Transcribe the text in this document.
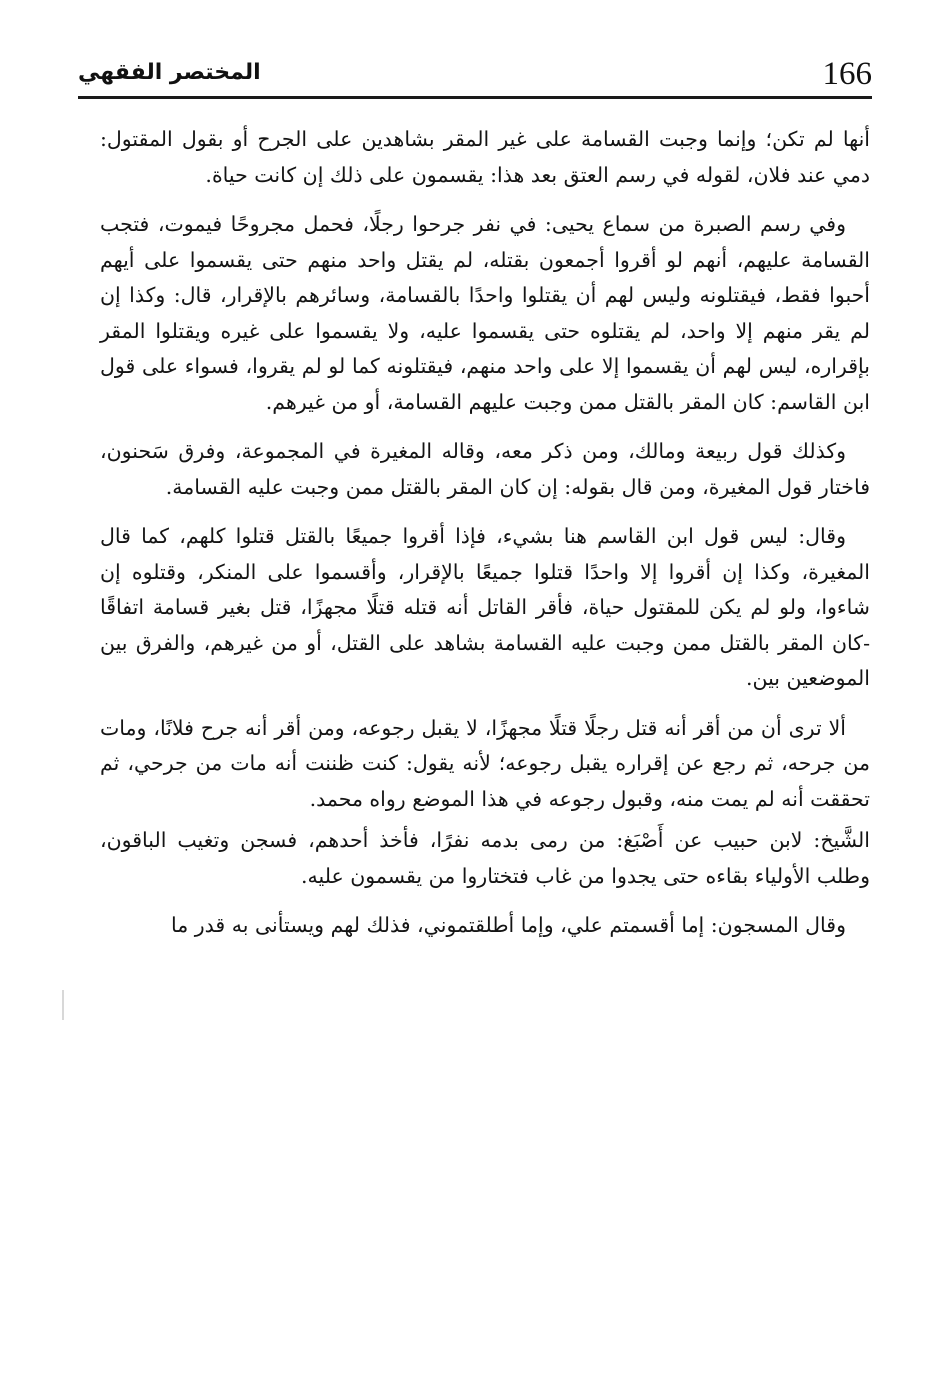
166
المختصر الفقهي

أنها لم تكن؛ وإنما وجبت القسامة على غير المقر بشاهدين على الجرح أو بقول المقتول: دمي عند فلان، لقوله في رسم العتق بعد هذا: يقسمون على ذلك إن كانت حياة.

وفي رسم الصبرة من سماع يحيى: في نفر جرحوا رجلًا، فحمل مجروحًا فيموت، فتجب القسامة عليهم، أنهم لو أقروا أجمعون بقتله، لم يقتل واحد منهم حتى يقسموا على أيهم أحبوا فقط، فيقتلونه وليس لهم أن يقتلوا واحدًا بالقسامة، وسائرهم بالإقرار، قال: وكذا إن لم يقر منهم إلا واحد، لم يقتلوه حتى يقسموا عليه، ولا يقسموا على غيره ويقتلوا المقر بإقراره، ليس لهم أن يقسموا إلا على واحد منهم، فيقتلونه كما لو لم يقروا، فسواء على قول ابن القاسم: كان المقر بالقتل ممن وجبت عليهم القسامة، أو من غيرهم.

وكذلك قول ربيعة ومالك، ومن ذكر معه، وقاله المغيرة في المجموعة، وفرق سَحنون، فاختار قول المغيرة، ومن قال بقوله: إن كان المقر بالقتل ممن وجبت عليه القسامة.

وقال: ليس قول ابن القاسم هنا بشيء، فإذا أقروا جميعًا بالقتل قتلوا كلهم، كما قال المغيرة، وكذا إن أقروا إلا واحدًا قتلوا جميعًا بالإقرار، وأقسموا على المنكر، وقتلوه إن شاءوا، ولو لم يكن للمقتول حياة، فأقر القاتل أنه قتله قتلًا مجهزًا، قتل بغير قسامة اتفاقًا -كان المقر بالقتل ممن وجبت عليه القسامة بشاهد على القتل، أو من غيرهم، والفرق بين الموضعين بين.

ألا ترى أن من أقر أنه قتل رجلًا قتلًا مجهزًا، لا يقبل رجوعه، ومن أقر أنه جرح فلانًا، ومات من جرحه، ثم رجع عن إقراره يقبل رجوعه؛ لأنه يقول: كنت ظننت أنه مات من جرحي، ثم تحققت أنه لم يمت منه، وقبول رجوعه في هذا الموضع رواه محمد.

الشَّيخ: لابن حبيب عن أَصْبَغ: من رمى بدمه نفرًا، فأخذ أحدهم، فسجن وتغيب الباقون، وطلب الأولياء بقاءه حتى يجدوا من غاب فتختاروا من يقسمون عليه.

وقال المسجون: إما أقسمتم علي، وإما أطلقتموني، فذلك لهم ويستأنى به قدر ما
